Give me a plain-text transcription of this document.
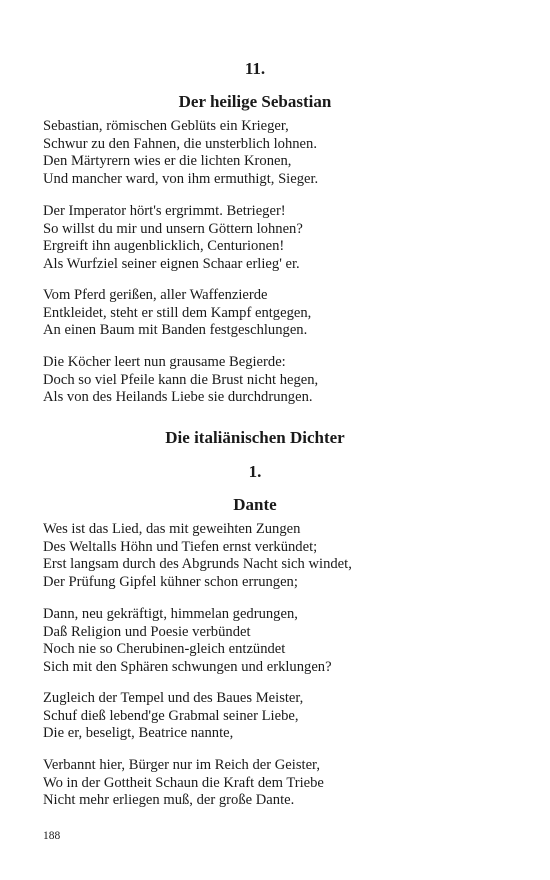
11.
Der heilige Sebastian
Sebastian, römischen Geblüts ein Krieger,
Schwur zu den Fahnen, die unsterblich lohnen.
Den Märtyrern wies er die lichten Kronen,
Und mancher ward, von ihm ermuthigt, Sieger.
Der Imperator hört's ergrimmt. Betrieger!
So willst du mir und unsern Göttern lohnen?
Ergreift ihn augenblicklich, Centurionen!
Als Wurfziel seiner eignen Schaar erlieg' er.
Vom Pferd gerißen, aller Waffenzierde
Entkleidet, steht er still dem Kampf entgegen,
An einen Baum mit Banden festgeschlungen.
Die Köcher leert nun grausame Begierde:
Doch so viel Pfeile kann die Brust nicht hegen,
Als von des Heilands Liebe sie durchdrungen.
Die italiänischen Dichter
1.
Dante
Wes ist das Lied, das mit geweihten Zungen
Des Weltalls Höhn und Tiefen ernst verkündet;
Erst langsam durch des Abgrunds Nacht sich windet,
Der Prüfung Gipfel kühner schon errungen;
Dann, neu gekräftigt, himmelan gedrungen,
Daß Religion und Poesie verbündet
Noch nie so Cherubinen-gleich entzündet
Sich mit den Sphären schwungen und erklungen?
Zugleich der Tempel und des Baues Meister,
Schuf dieß lebend'ge Grabmal seiner Liebe,
Die er, beseligt, Beatrice nannte,
Verbannt hier, Bürger nur im Reich der Geister,
Wo in der Gottheit Schaun die Kraft dem Triebe
Nicht mehr erliegen muß, der große Dante.
188
